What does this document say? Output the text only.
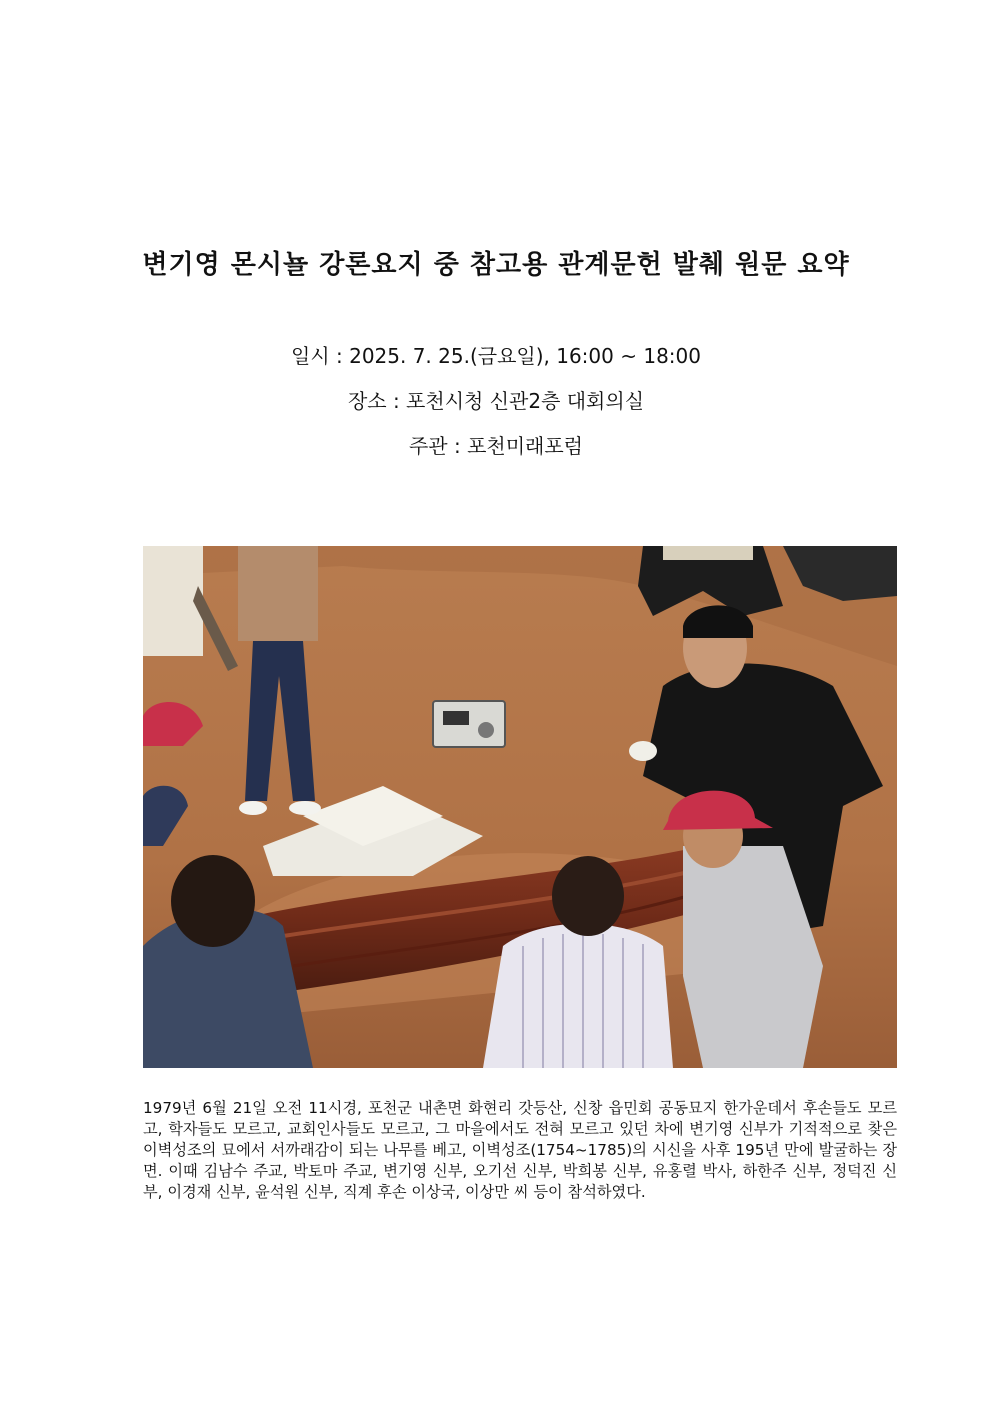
변기영 몬시뇰 강론요지 중 참고용 관계문헌 발췌 원문 요약
일시 : 2025. 7. 25.(금요일), 16:00 ~ 18:00
장소 : 포천시청 신관2층 대회의실
주관 : 포천미래포럼

1979년 6월 21일 오전 11시경, 포천군 내촌면 화현리 갓등산, 신창 읍민회 공동묘지 한가운데서 후손들도 모르고, 학자들도 모르고, 교회인사들도 모르고, 그 마을에서도 전혀 모르고 있던 차에 변기영 신부가 기적적으로 찾은 이벽성조의 묘에서 서까래감이 되는 나무를 베고, 이벽성조(1754~1785)의 시신을 사후 195년 만에 발굴하는 장면. 이때 김남수 주교, 박토마 주교, 변기영 신부, 오기선 신부, 박희봉 신부, 유홍렬 박사, 하한주 신부, 정덕진 신부, 이경재 신부, 윤석원 신부, 직계 후손 이상국, 이상만 씨 등이 참석하였다.
